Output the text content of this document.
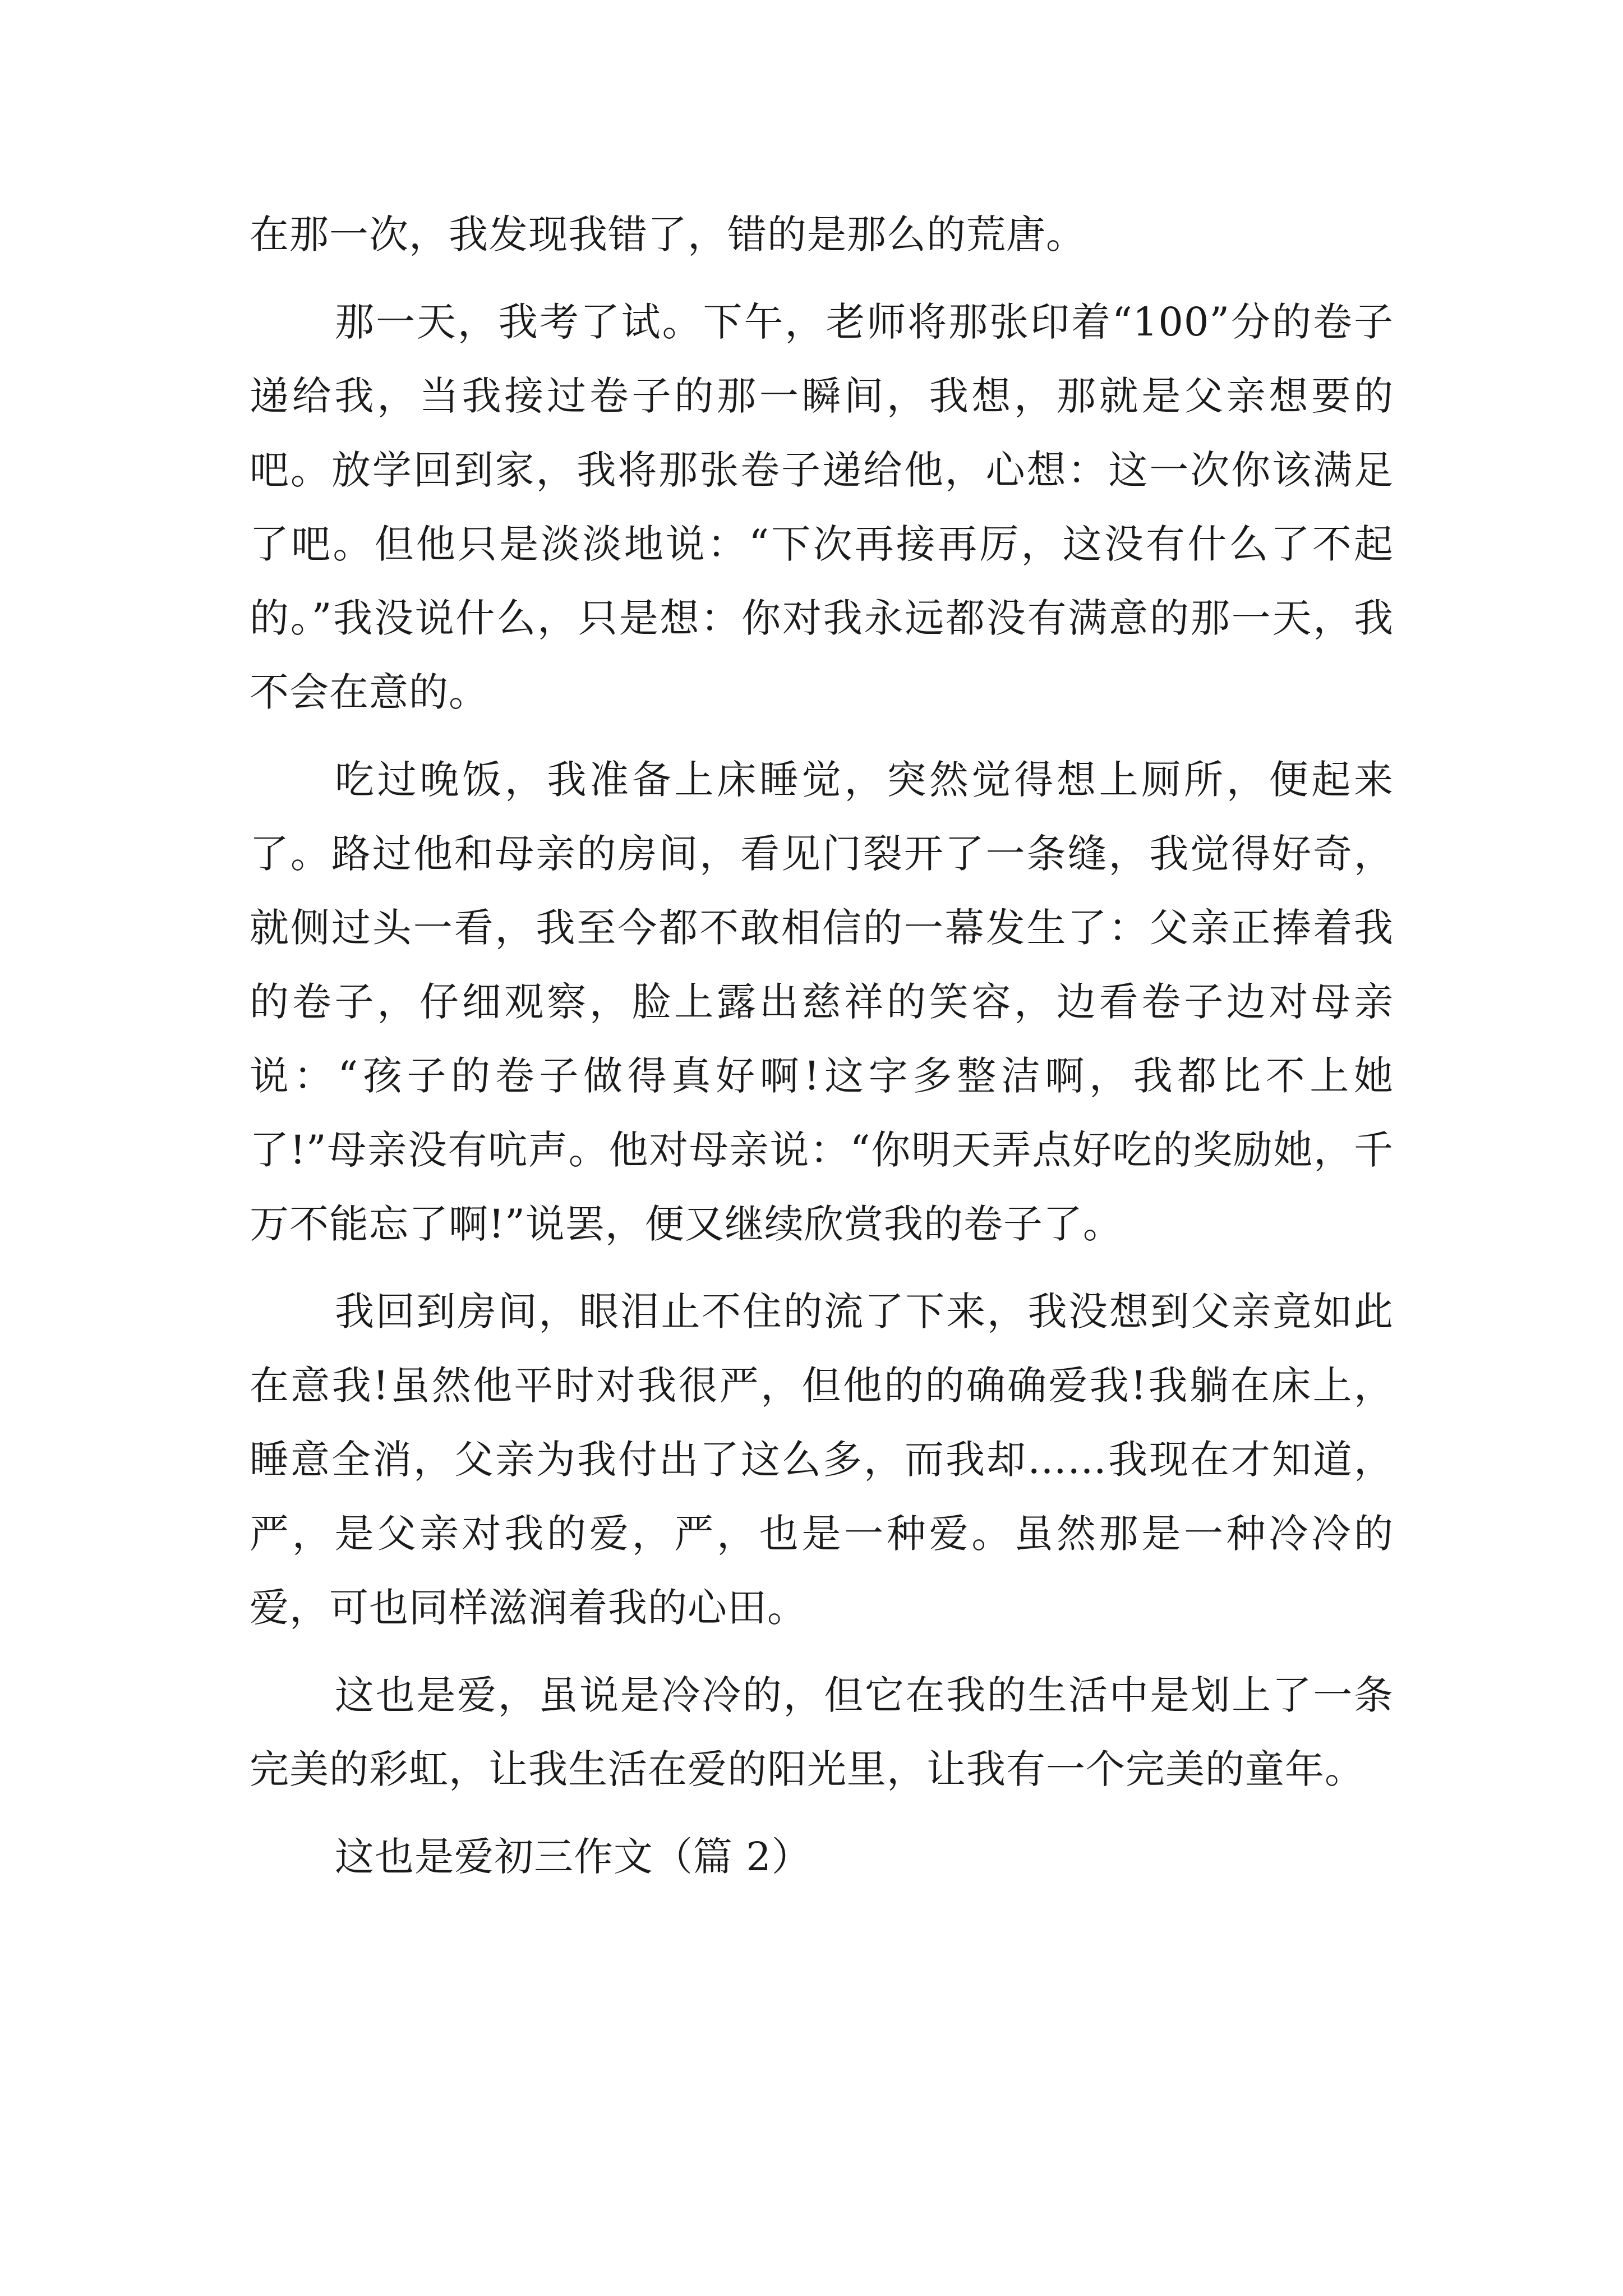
在那一次，我发现我错了，错的是那么的荒唐。

那一天，我考了试。下午，老师将那张印着“100”分的卷子递给我，当我接过卷子的那一瞬间，我想，那就是父亲想要的吧。放学回到家，我将那张卷子递给他，心想：这一次你该满足了吧。但他只是淡淡地说：“下次再接再厉，这没有什么了不起的。”我没说什么，只是想：你对我永远都没有满意的那一天，我不会在意的。

吃过晚饭，我准备上床睡觉，突然觉得想上厕所，便起来了。路过他和母亲的房间，看见门裂开了一条缝，我觉得好奇，就侧过头一看，我至今都不敢相信的一幕发生了：父亲正捧着我的卷子，仔细观察，脸上露出慈祥的笑容，边看卷子边对母亲说：“孩子的卷子做得真好啊!这字多整洁啊，我都比不上她了!”母亲没有吭声。他对母亲说：“你明天弄点好吃的奖励她，千万不能忘了啊!”说罢，便又继续欣赏我的卷子了。

我回到房间，眼泪止不住的流了下来，我没想到父亲竟如此在意我!虽然他平时对我很严，但他的的确确爱我!我躺在床上，睡意全消，父亲为我付出了这么多，而我却……我现在才知道，严，是父亲对我的爱，严，也是一种爱。虽然那是一种冷冷的爱，可也同样滋润着我的心田。

这也是爱，虽说是冷冷的，但它在我的生活中是划上了一条完美的彩虹，让我生活在爱的阳光里，让我有一个完美的童年。

这也是爱初三作文（篇 2）
